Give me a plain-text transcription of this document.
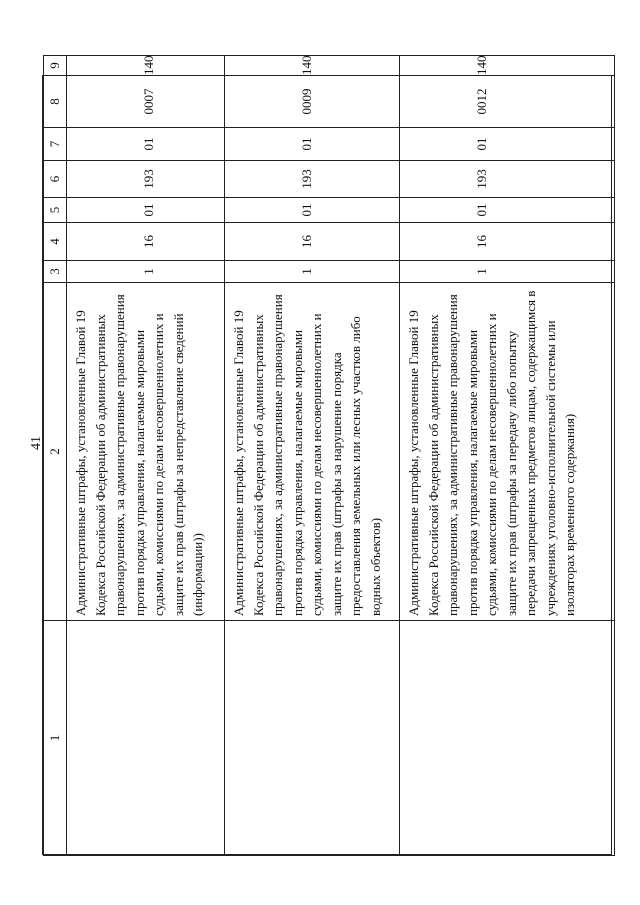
41
1	2	3	4	5	6	7	8	9
	Административные штрафы, установленные Главой 19 Кодекса Российской Федерации об административных правонарушениях, за административные правонарушения против порядка управления, налагаемые мировыми судьями, комиссиями по делам несовершеннолетних и защите их прав (штрафы за непредставление сведений (информации))	1	16	01	193	01	0007	140
	Административные штрафы, установленные Главой 19 Кодекса Российской Федерации об административных правонарушениях, за административные правонарушения против порядка управления, налагаемые мировыми судьями, комиссиями по делам несовершеннолетних и защите их прав (штрафы за нарушение порядка предоставления земельных или лесных участков либо водных объектов)	1	16	01	193	01	0009	140
	Административные штрафы, установленные Главой 19 Кодекса Российской Федерации об административных правонарушениях, за административные правонарушения против порядка управления, налагаемые мировыми судьями, комиссиями по делам несовершеннолетних и защите их прав (штрафы за передачу либо попытку передачи запрещенных предметов лицам, содержащимся в учреждениях уголовно-исполнительной системы или изоляторах временного содержания)	1	16	01	193	01	0012	140
